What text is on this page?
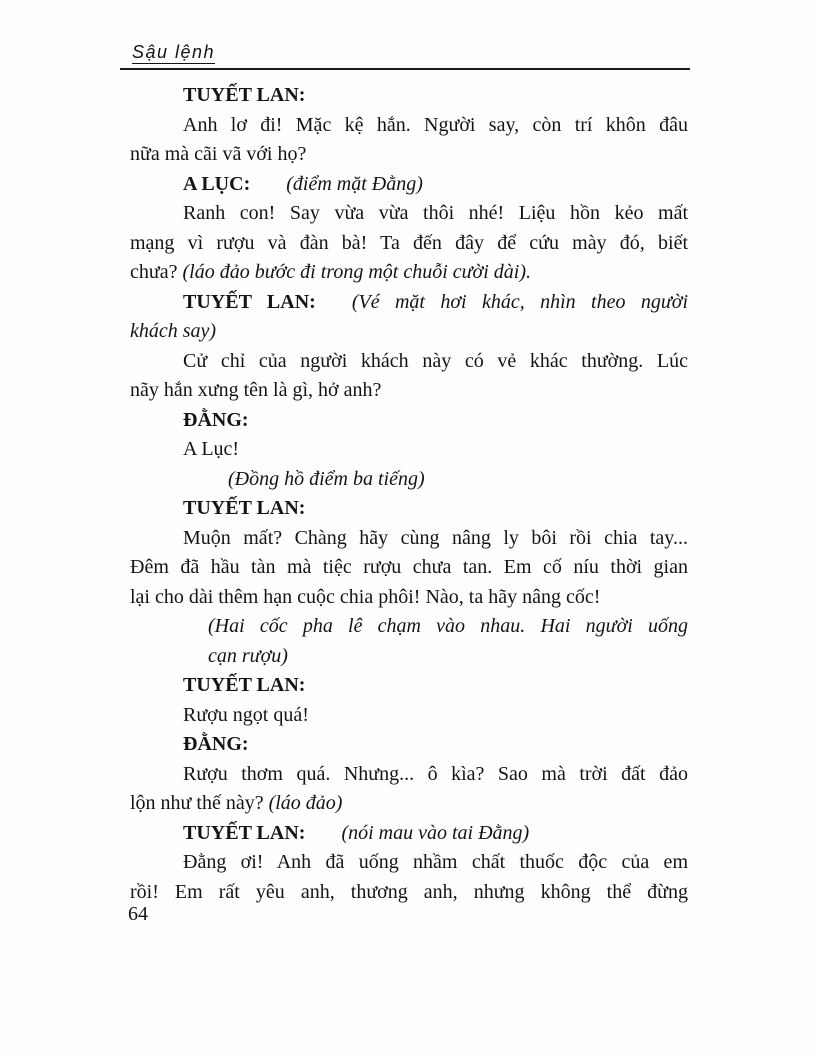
Sậu lệnh
TUYẾT LAN:
Anh lơ đi! Mặc kệ hắn. Người say, còn trí khôn đâu
nữa mà cãi vã với họ?
A LỤC: (điểm mặt Đằng)
Ranh con! Say vừa vừa thôi nhé! Liệu hồn kẻo mất
mạng vì rượu và đàn bà! Ta đến đây để cứu mày đó, biết
chưa? (láo đảo bước đi trong một chuỗi cười dài).
TUYẾT LAN: (Vé mặt hơi khác, nhìn theo người
khách say)
Cử chỉ của người khách này có vẻ khác thường. Lúc
nãy hắn xưng tên là gì, hở anh?
ĐẰNG:
A Lục!
(Đồng hồ điểm ba tiếng)
TUYẾT LAN:
Muộn mất? Chàng hãy cùng nâng ly bôi rồi chia tay...
Đêm đã hầu tàn mà tiệc rượu chưa tan. Em cố níu thời gian
lại cho dài thêm hạn cuộc chia phôi! Nào, ta hãy nâng cốc!
(Hai cốc pha lê chạm vào nhau. Hai người uống
cạn rượu)
TUYẾT LAN:
Rượu ngọt quá!
ĐẰNG:
Rượu thơm quá. Nhưng... ô kìa? Sao mà trời đất đảo
lộn như thế này? (láo đảo)
TUYẾT LAN: (nói mau vào tai Đằng)
Đằng ơi! Anh đã uống nhầm chất thuốc độc của em
rồi! Em rất yêu anh, thương anh, nhưng không thể đừng
64
